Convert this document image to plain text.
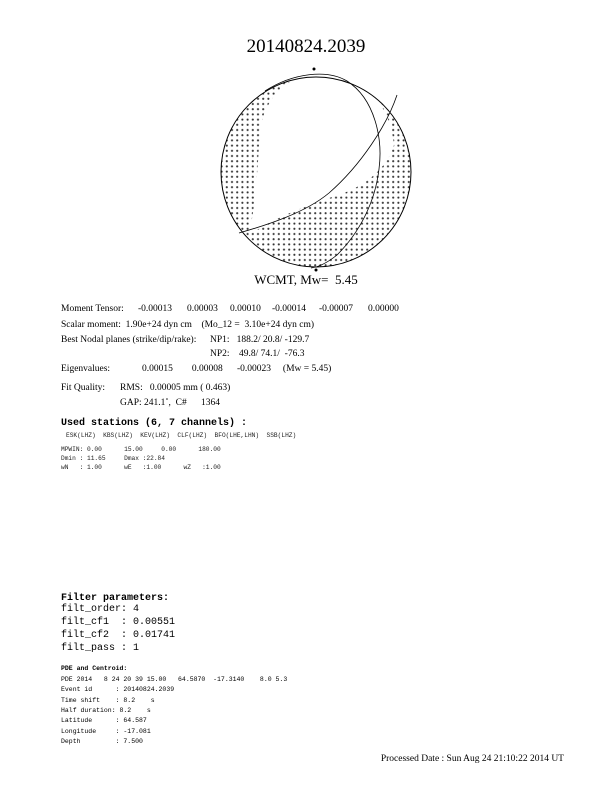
20140824.2039
WCMT, Mw=  5.45
Moment Tensor: -0.00013 0.00003 0.00010 -0.00014 -0.00007 0.00000
Scalar moment:  1.90e+24 dyn cm    (Mo_12 =  3.10e+24 dyn cm)
Best Nodal planes (strike/dip/rake): NP1:   188.2/ 20.8/ -129.7
NP2:    49.8/ 74.1/  -76.3
Eigenvalues:	0.00015        0.00008      -0.00023     (Mw = 5.45)
Fit Quality: RMS:   0.00005 mm ( 0.463)
GAP: 241.1˚,  C#      1364
Used stations (6, 7 channels) :
ESK(LHZ)  KBS(LHZ)  KEV(LHZ)  CLF(LHZ)  BFO(LHE,LHN)  SSB(LHZ)
MPWIN: 0.00      15.00     0.00      180.00
Dmin : 11.65     Dmax :22.84
wN   : 1.00      wE   :1.00      wZ   :1.00
Filter parameters:
filt_order: 4
filt_cf1  : 0.00551
filt_cf2  : 0.01741
filt_pass : 1
PDE and Centroid:
PDE 2014   8 24 20 39 15.00   64.5870  -17.3140    8.0 5.3
Event id      : 20140824.2039
Time shift    : 8.2    s
Half duration: 8.2    s
Latitude      : 64.587
Longitude     : -17.081
Depth         : 7.500
Processed Date : Sun Aug 24 21:10:22 2014 UT
